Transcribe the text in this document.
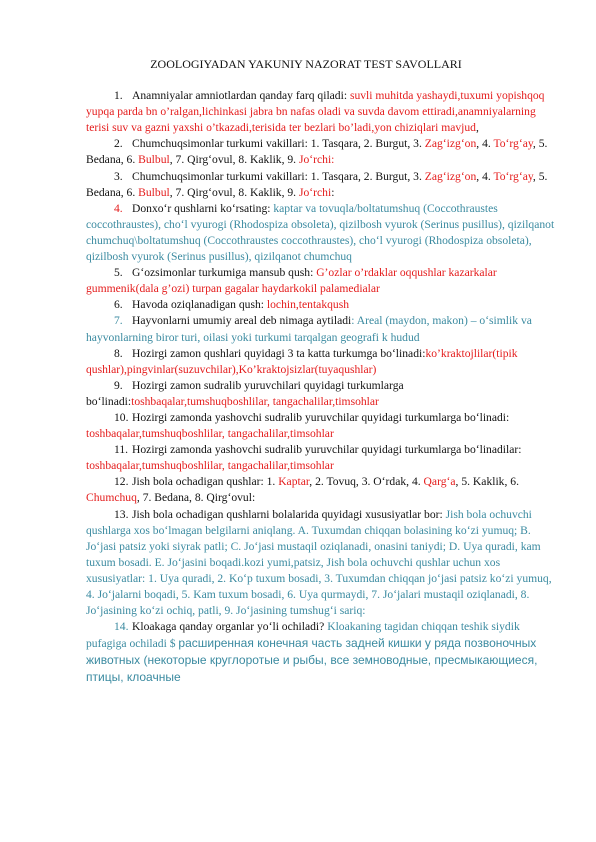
ZOOLOGIYADAN YAKUNIY NAZORAT TEST SAVOLLARI

1. Anamniyalar amniotlardan qanday farq qiladi: suvli muhitda yashaydi,tuxumi yopishqoq yupqa parda bn o’ralgan,lichinkasi jabra bn nafas oladi va suvda davom ettiradi,anamniyalarning terisi suv va gazni yaxshi o’tkazadi,terisida ter bezlari bo’ladi,yon chiziqlari mavjud,

2. Chumchuqsimonlar turkumi vakillari: 1. Tasqara, 2. Burgut, 3. Zag‘izg‘on, 4. To‘rg‘ay, 5. Bedana, 6. Bulbul, 7. Qirg‘ovul, 8. Kaklik, 9. Jo‘rchi:

3. Chumchuqsimonlar turkumi vakillari: 1. Tasqara, 2. Burgut, 3. Zag‘izg‘on, 4. To‘rg‘ay, 5. Bedana, 6. Bulbul, 7. Qirg‘ovul, 8. Kaklik, 9. Jo‘rchi:

4. Donxo‘r qushlarni ko‘rsating: kaptar va tovuqla/boltatumshuq (Coccothraustes coccothraustes), cho‘l vyurogi (Rhodospiza obsoleta), qizilbosh vyurok (Serinus pusillus), qizilqanot chumchuq\boltatumshuq (Coccothraustes coccothraustes), cho‘l vyurogi (Rhodospiza obsoleta), qizilbosh vyurok (Serinus pusillus), qizilqanot chumchuq

5. G‘ozsimonlar turkumiga mansub qush: G’ozlar o’rdaklar oqqushlar kazarkalar gummenik(dala g’ozi) turpan gagalar haydarkokil palamedialar

6. Havoda oziqlanadigan qush: lochin,tentakqush

7. Hayvonlarni umumiy areal deb nimaga aytiladi: Areal (maydon, makon) – o‘simlik va hayvonlarning biror turi, oilasi yoki turkumi tarqalgan geografi k hudud

8. Hozirgi zamon qushlari quyidagi 3 ta katta turkumga bo‘linadi:ko’kraktojlilar(tipik qushlar),pingvinlar(suzuvchilar),Ko’kraktojsizlar(tuyaqushlar)

9. Hozirgi zamon sudralib yuruvchilari quyidagi turkumlarga bo‘linadi:toshbaqalar,tumshuqboshlilar, tangachalilar,timsohlar

10. Hozirgi zamonda yashovchi sudralib yuruvchilar quyidagi turkumlarga bo‘linadi: toshbaqalar,tumshuqboshlilar, tangachalilar,timsohlar

11. Hozirgi zamonda yashovchi sudralib yuruvchilar quyidagi turkumlarga bo‘linadilar: toshbaqalar,tumshuqboshlilar, tangachalilar,timsohlar

12. Jish bola ochadigan qushlar: 1. Kaptar, 2. Tovuq, 3. O‘rdak, 4. Qarg‘a, 5. Kaklik, 6. Chumchuq, 7. Bedana, 8. Qirg‘ovul:

13. Jish bola ochadigan qushlarni bolalarida quyidagi xususiyatlar bor: Jish bola ochuvchi qushlarga xos bo‘lmagan belgilarni aniqlang. A. Tuxumdan chiqqan bolasining ko‘zi yumuq; B. Jo‘jasi patsiz yoki siyrak patli; C. Jo‘jasi mustaqil oziqlanadi, onasini taniydi; D. Uya quradi, kam tuxum bosadi. E. Jo‘jasini boqadi.kozi yumi,patsiz, Jish bola ochuvchi qushlar uchun xos xususiyatlar: 1. Uya quradi, 2. Ko‘p tuxum bosadi, 3. Tuxumdan chiqqan jo‘jasi patsiz ko‘zi yumuq, 4. Jo‘jalarni boqadi, 5. Kam tuxum bosadi, 6. Uya qurmaydi, 7. Jo‘jalari mustaqil oziqlanadi, 8. Jo‘jasining ko‘zi ochiq, patli, 9. Jo‘jasining tumshug‘i sariq:

14. Kloakaga qanday organlar yo‘li ochiladi? Kloakaning tagidan chiqqan teshik siydik pufagiga ochiladi $ расширенная конечная часть задней кишки у ряда позвоночных животных (некоторые круглоротые и рыбы, все земноводные, пресмыкающиеся, птицы, клоачные
